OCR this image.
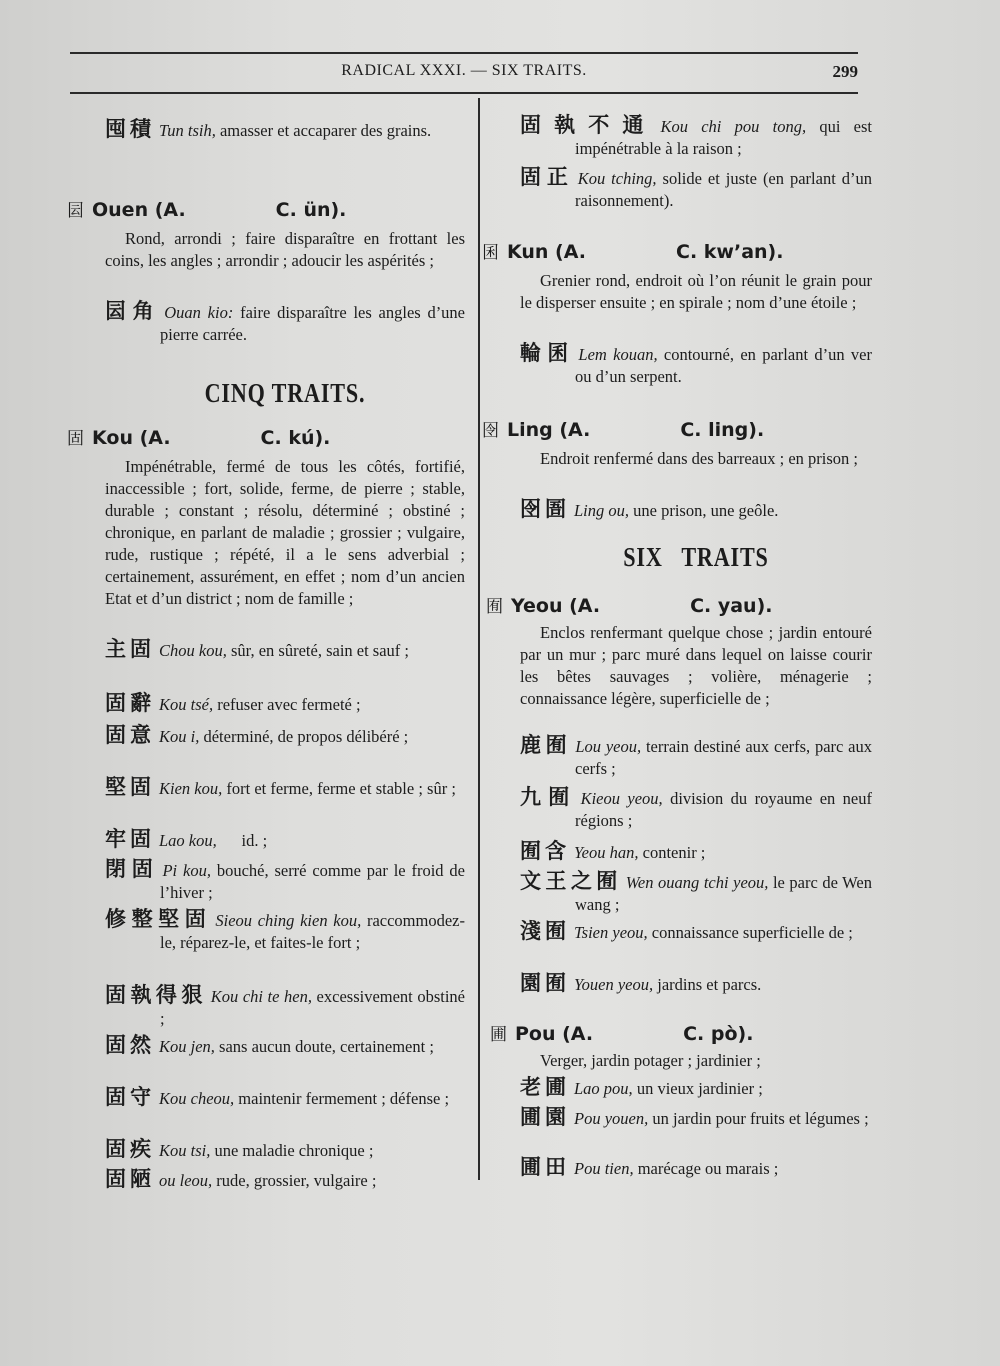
RADICAL XXXI. — SIX TRAITS.	299
囤積 Tun tsih, amasser et accaparer des grains.
囩 Ouen (A.	C. ün).
Rond, arrondi ; faire disparaître en frottant les coins, les angles ; arrondir ; adoucir les aspérités ;
囩角 Ouan kio: faire disparaître les angles d’une pierre carrée.
CINQ TRAITS.
固 Kou (A.	C. kú).
Impénétrable, fermé de tous les côtés, fortifié, inaccessible ; fort, solide, ferme, de pierre ; stable, durable ; constant ; résolu, déterminé ; obstiné ; chronique, en parlant de maladie ; grossier ; vulgaire, rude, rustique ; répété, il a le sens adverbial ; certainement, assurément, en effet ; nom d’un ancien Etat et d’un district ; nom de famille ;
主固 Chou kou, sûr, en sûreté, sain et sauf ;
固辭 Kou tsé, refuser avec fermeté ;
固意 Kou i, déterminé, de propos délibéré ;
堅固 Kien kou, fort et ferme, ferme et stable ; sûr ;
牢固 Lao kou,      id. ;
閉固 Pi kou, bouché, serré comme par le froid de l’hiver ;
修整堅固 Sieou ching kien kou, raccommodez-le, réparez-le, et faites-le fort ;
固執得狠 Kou chi te hen, excessivement obstiné ;
固然 Kou jen, sans aucun doute, certainement ;
固守 Kou cheou, maintenir fermement ; défense ;
固疾 Kou tsi, une maladie chronique ;
固陋 ou leou, rude, grossier, vulgaire ;
固執不通 Kou chi pou tong, qui est impénétrable à la raison ;
固正 Kou tching, solide et juste (en parlant d’un raisonnement).
囷 Kun (A.	C. kw’an).
Grenier rond, endroit où l’on réunit le grain pour le disperser ensuite ; en spirale ; nom d’une étoile ;
輪囷 Lem kouan, contourné, en parlant d’un ver ou d’un serpent.
囹 Ling (A.	C. ling).
Endroit renfermé dans des barreaux ; en prison ;
囹圄 Ling ou, une prison, une geôle.
SIX   TRAITS
囿 Yeou (A.	C. yau).
Enclos renfermant quelque chose ; jardin entouré par un mur ; parc muré dans lequel on laisse courir les bêtes sauvages ; volière, ménagerie ; connaissance légère, superficielle de ;
鹿囿 Lou yeou, terrain destiné aux cerfs, parc aux cerfs ;
九囿 Kieou yeou, division du royaume en neuf régions ;
囿含 Yeou han, contenir ;
文王之囿 Wen ouang tchi yeou, le parc de Wen wang ;
淺囿 Tsien yeou, connaissance superficielle de ;
園囿 Youen yeou, jardins et parcs.
圃 Pou (A.	C. pò).
Verger, jardin potager ; jardinier ;
老圃 Lao pou, un vieux jardinier ;
圃園 Pou youen, un jardin pour fruits et légumes ;
圃田 Pou tien, marécage ou marais ;
